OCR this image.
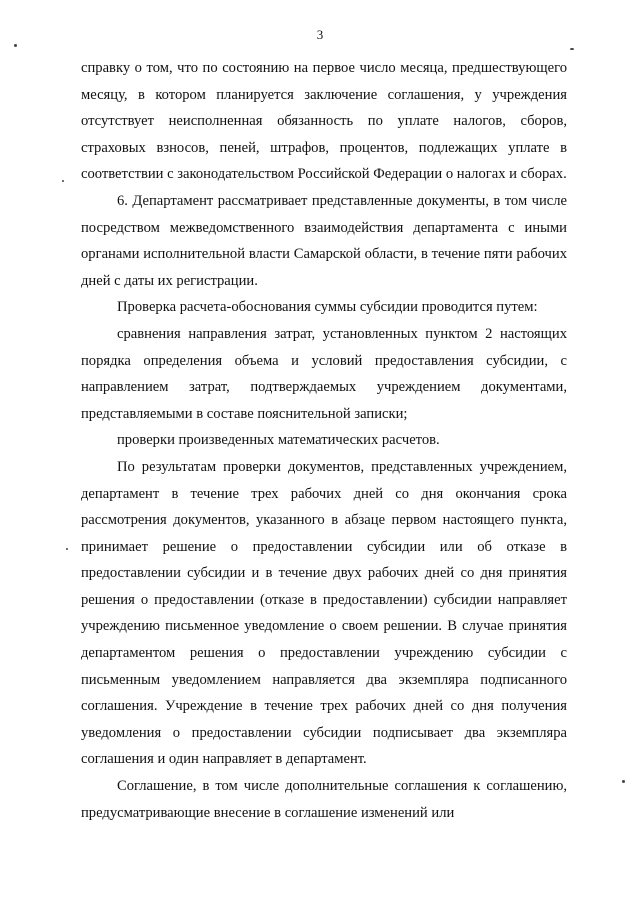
3

справку о том, что по состоянию на первое число месяца, предшествующего месяцу, в котором планируется заключение соглашения, у учреждения отсутствует неисполненная обязанность по уплате налогов, сборов, страховых взносов, пеней, штрафов, процентов, подлежащих уплате в соответствии с законодательством Российской Федерации о налогах и сборах.

6. Департамент рассматривает представленные документы, в том числе посредством межведомственного взаимодействия департамента с иными органами исполнительной власти Самарской области, в течение пяти рабочих дней с даты их регистрации.

Проверка расчета-обоснования суммы субсидии проводится путем:

сравнения направления затрат, установленных пунктом 2 настоящих порядка определения объема и условий предоставления субсидии, с направлением затрат, подтверждаемых учреждением документами, представляемыми в составе пояснительной записки;

проверки произведенных математических расчетов.

По результатам проверки документов, представленных учреждением, департамент в течение трех рабочих дней со дня окончания срока рассмотрения документов, указанного в абзаце первом настоящего пункта, принимает решение о предоставлении субсидии или об отказе в предоставлении субсидии и в течение двух рабочих дней со дня принятия решения о предоставлении (отказе в предоставлении) субсидии направляет учреждению письменное уведомление о своем решении. В случае принятия департаментом решения о предоставлении учреждению субсидии с письменным уведомлением направляется два экземпляра подписанного соглашения. Учреждение в течение трех рабочих дней со дня получения уведомления о предоставлении субсидии подписывает два экземпляра соглашения и один направляет в департамент.

Соглашение, в том числе дополнительные соглашения к соглашению, предусматривающие внесение в соглашение изменений или
